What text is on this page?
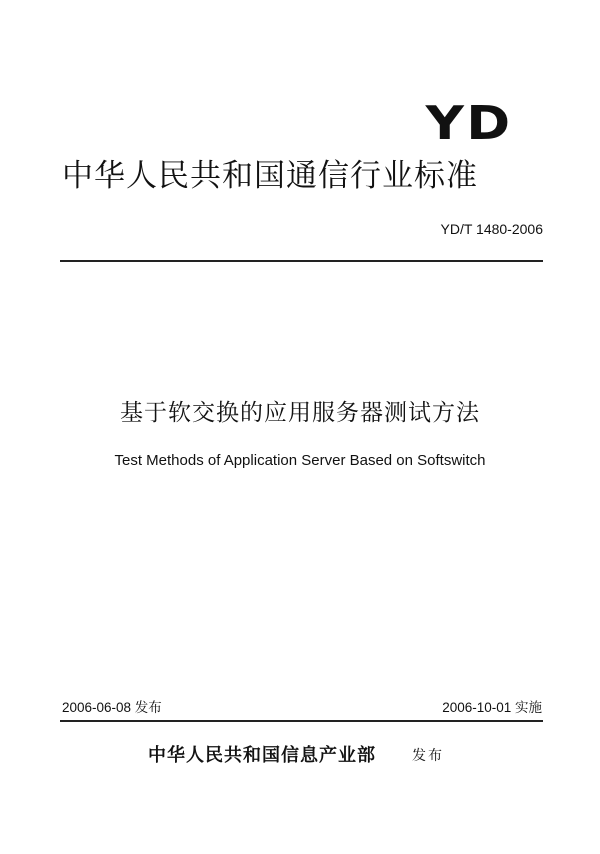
YD
中华人民共和国通信行业标准
YD/T 1480-2006
基于软交换的应用服务器测试方法
Test Methods of Application Server Based on Softswitch
2006-06-08 发布	2006-10-01 实施
中华人民共和国信息产业部	发布
